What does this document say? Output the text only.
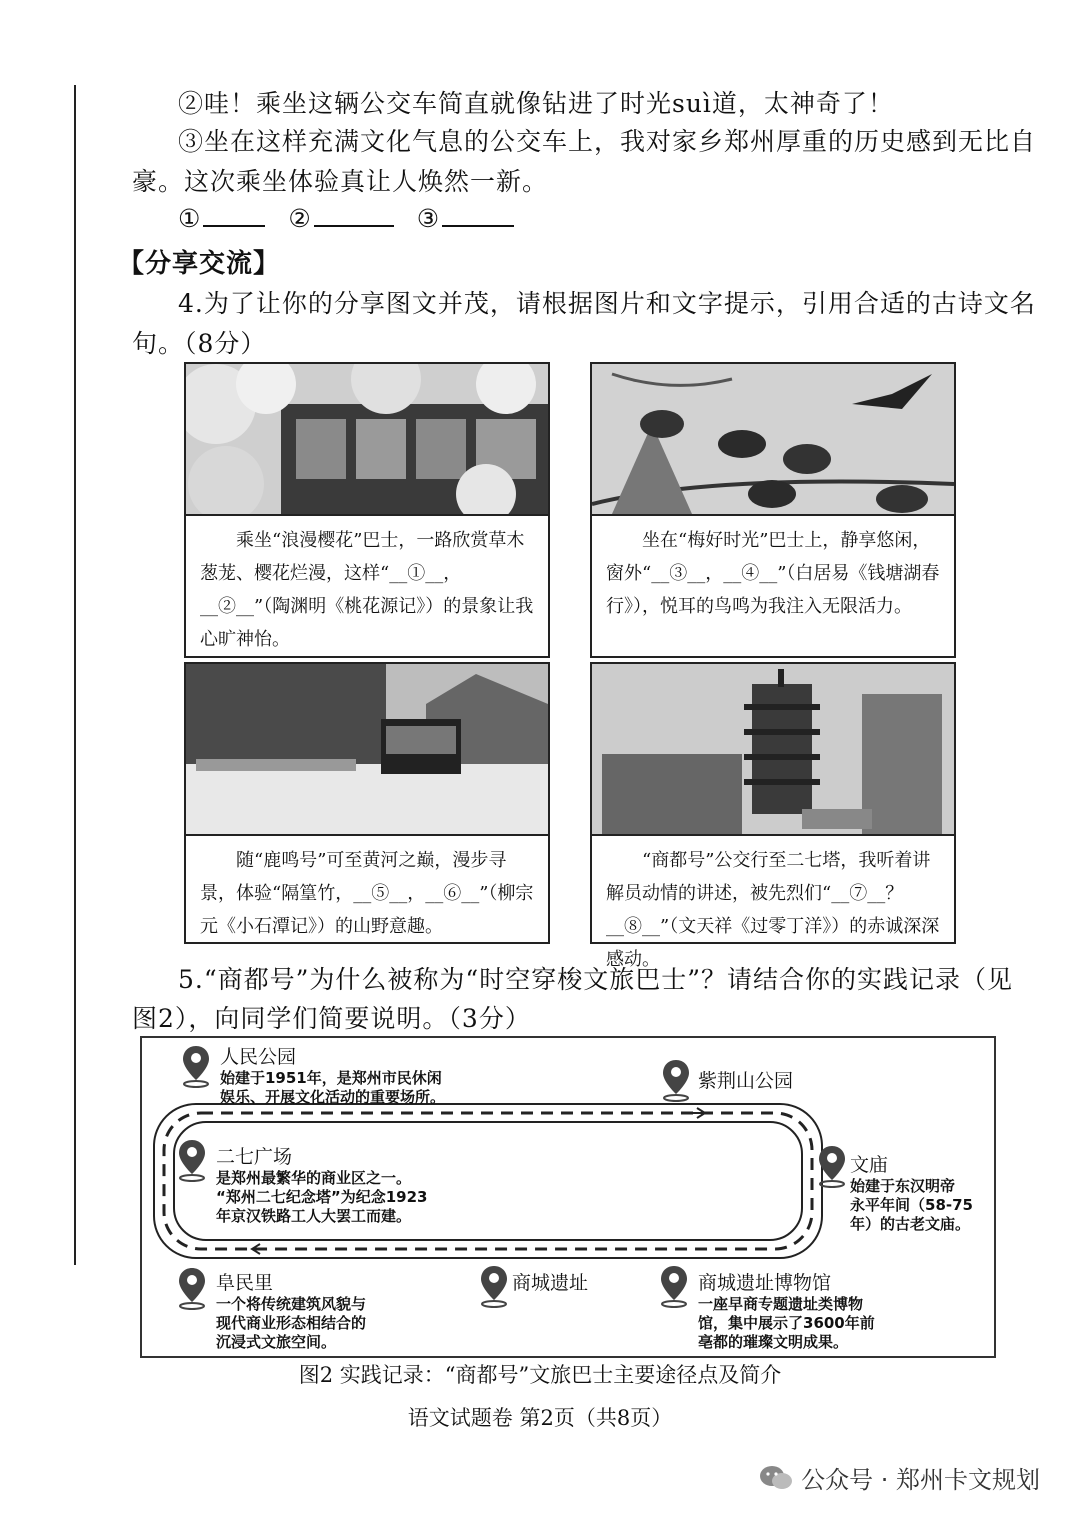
②哇！乘坐这辆公交车简直就像钻进了时光suì道，太神奇了！
③坐在这样充满文化气息的公交车上，我对家乡郑州厚重的历史感到无比自
豪。这次乘坐体验真让人焕然一新。
①	②	③
【分享交流】
4.为了让你的分享图文并茂，请根据图片和文字提示，引用合适的古诗文名
句。（8分）
乘坐“浪漫樱花”巴士，一路欣赏草木葱茏、樱花烂漫，这样“__①__，__②__”（陶渊明《桃花源记》）的景象让我心旷神怡。
坐在“梅好时光”巴士上，静享悠闲，窗外“__③__，__④__”（白居易《钱塘湖春行》），悦耳的鸟鸣为我注入无限活力。
随“鹿鸣号”可至黄河之巅，漫步寻景，体验“隔篁竹，__⑤__，__⑥__”（柳宗元《小石潭记》）的山野意趣。
“商都号”公交行至二七塔，我听着讲解员动情的讲述，被先烈们“__⑦__？__⑧__”（文天祥《过零丁洋》）的赤诚深深感动。
5.“商都号”为什么被称为“时空穿梭文旅巴士”？请结合你的实践记录（见
图2），向同学们简要说明。（3分）
人民公园
始建于1951年，是郑州市民休闲
娱乐、开展文化活动的重要场所。
紫荆山公园
二七广场
是郑州最繁华的商业区之一。
“郑州二七纪念塔”为纪念1923
年京汉铁路工人大罢工而建。
文庙
始建于东汉明帝
永平年间（58-75
年）的古老文庙。
阜民里
一个将传统建筑风貌与
现代商业形态相结合的
沉浸式文旅空间。
商城遗址	商城遗址博物馆
一座早商专题遗址类博物
馆，集中展示了3600年前
亳都的璀璨文明成果。
图2 实践记录：“商都号”文旅巴士主要途径点及简介
语文试题卷 第2页（共8页）
公众号 · 郑州卡文规划
